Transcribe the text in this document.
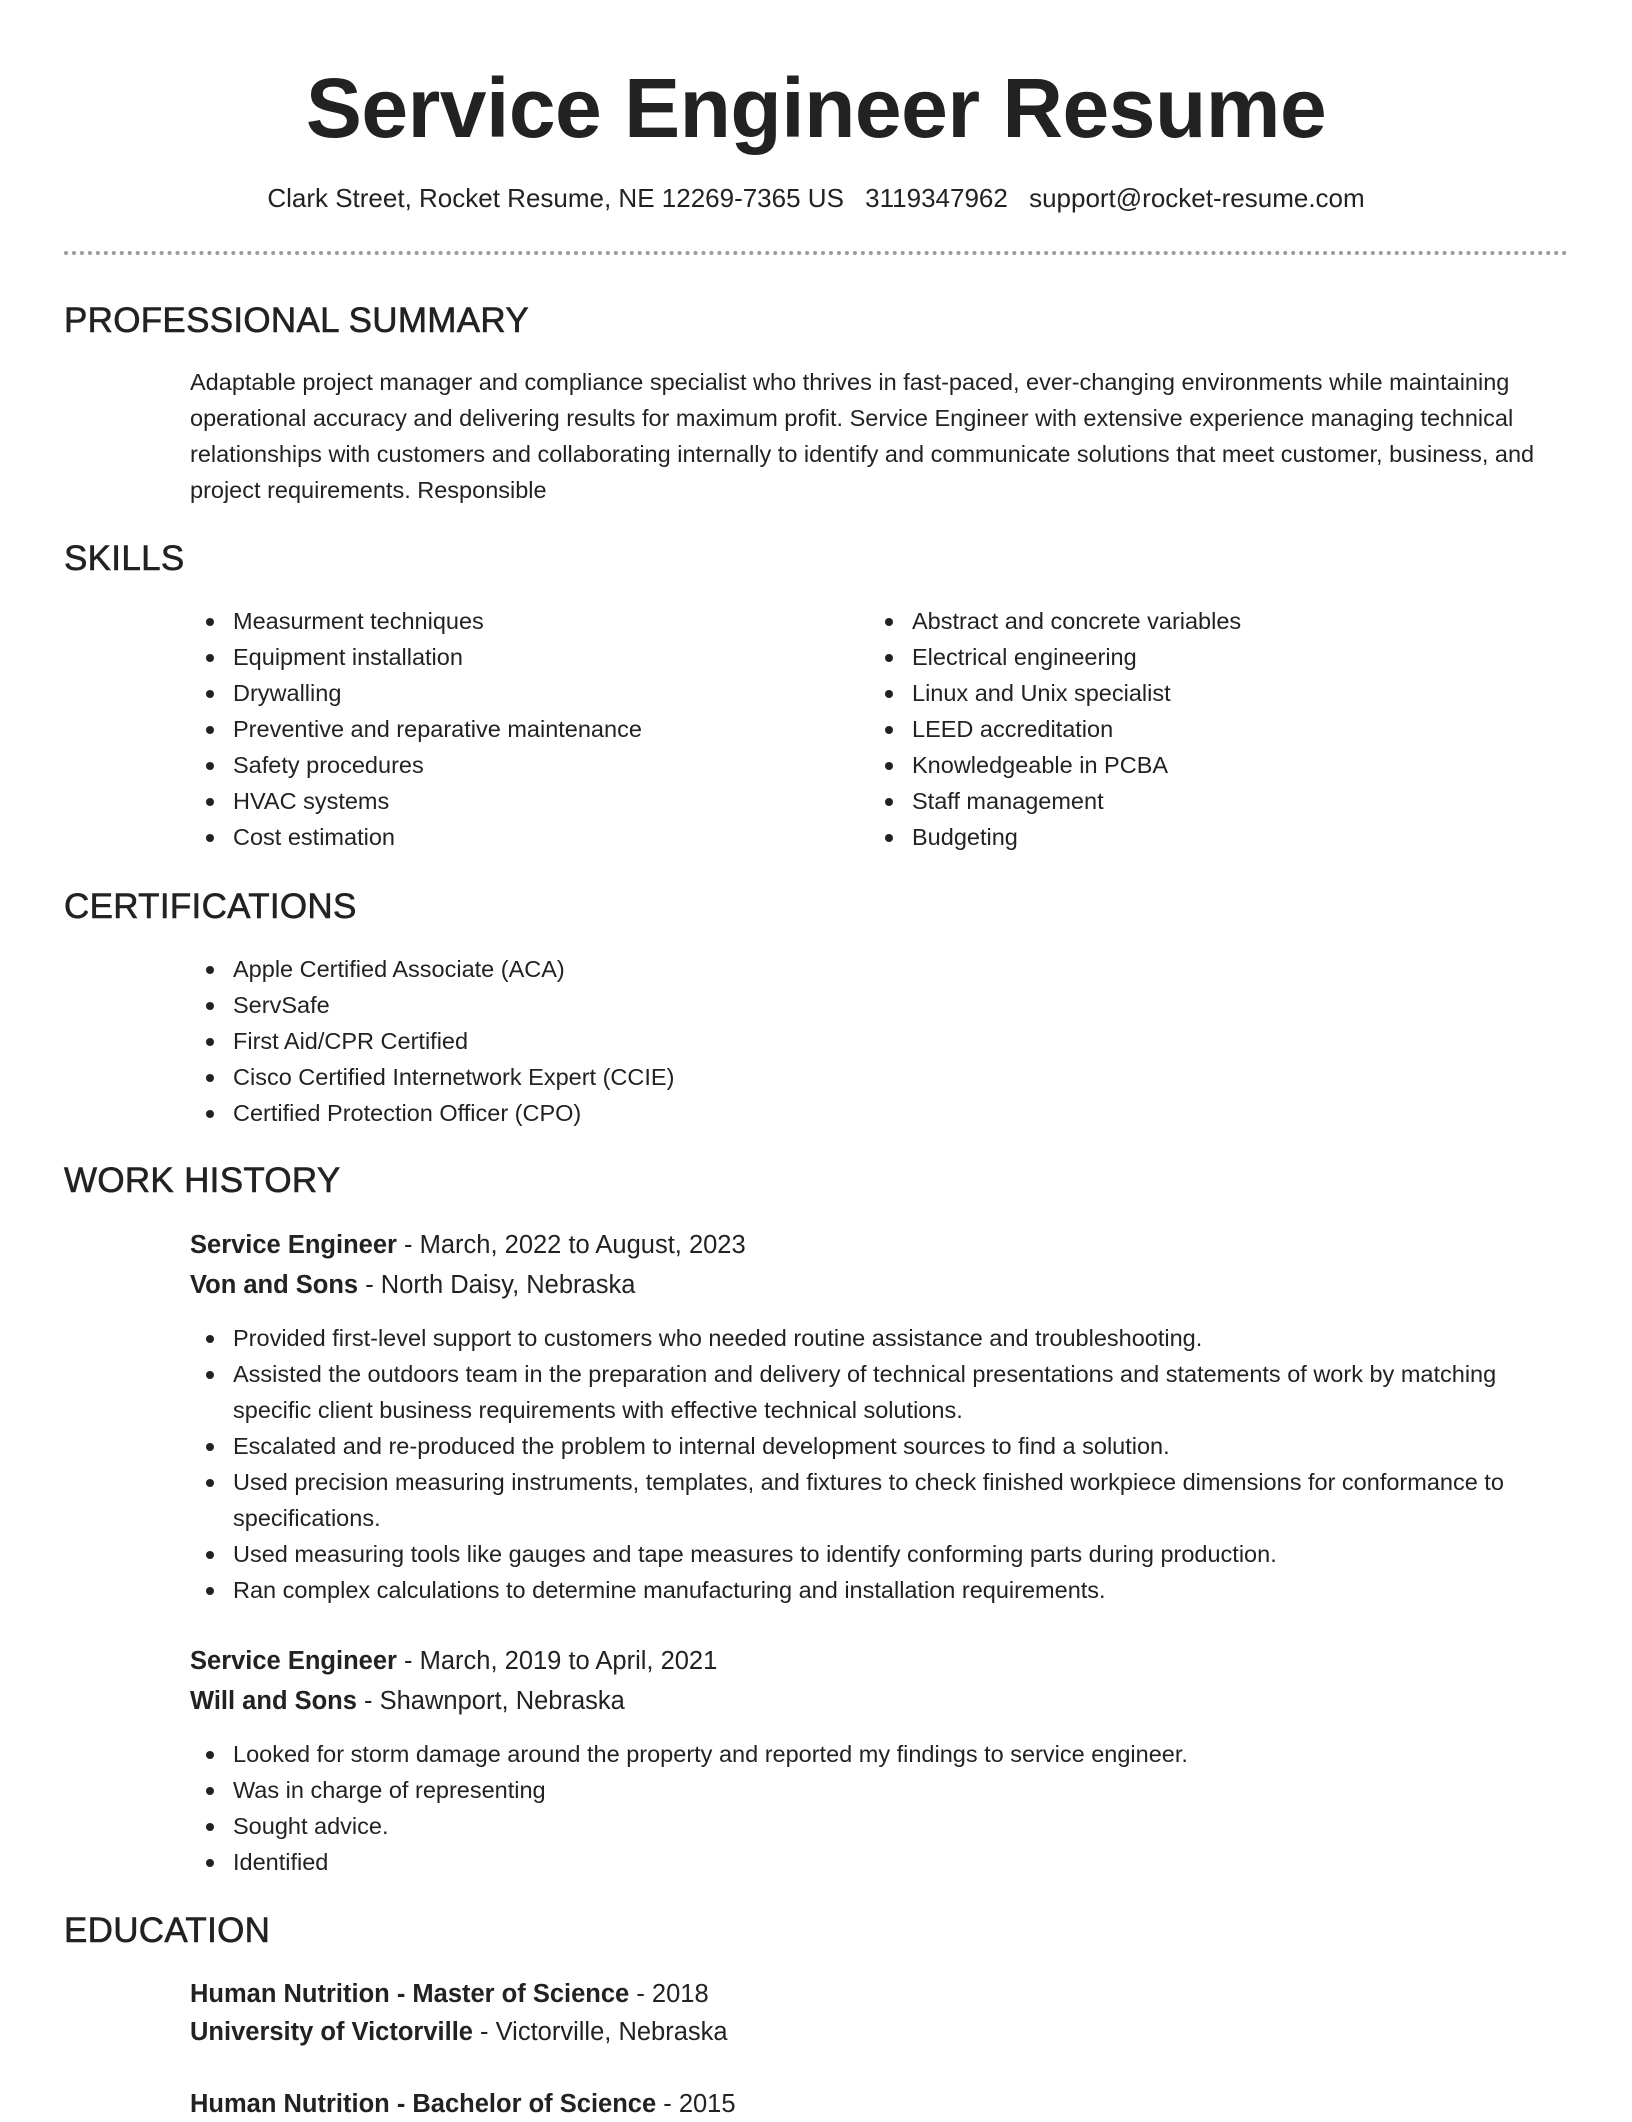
Service Engineer Resume
Clark Street, Rocket Resume, NE 12269-7365 US 3119347962 support@rocket-resume.com
PROFESSIONAL SUMMARY

Adaptable project manager and compliance specialist who thrives in fast-paced, ever-changing environments while maintaining operational accuracy and delivering results for maximum profit. Service Engineer with extensive experience managing technical relationships with customers and collaborating internally to identify and communicate solutions that meet customer, business, and project requirements. Responsible

SKILLS
Measurment techniques
Equipment installation
Drywalling
Preventive and reparative maintenance
Safety procedures
HVAC systems
Cost estimation
Abstract and concrete variables
Electrical engineering
Linux and Unix specialist
LEED accreditation
Knowledgeable in PCBA
Staff management
Budgeting
CERTIFICATIONS
Apple Certified Associate (ACA)
ServSafe
First Aid/CPR Certified
Cisco Certified Internetwork Expert (CCIE)
Certified Protection Officer (CPO)
WORK HISTORY
Service Engineer - March, 2022 to August, 2023
Von and Sons - North Daisy, Nebraska
Provided first-level support to customers who needed routine assistance and troubleshooting.
Assisted the outdoors team in the preparation and delivery of technical presentations and statements of work by matching specific client business requirements with effective technical solutions.
Escalated and re-produced the problem to internal development sources to find a solution.
Used precision measuring instruments, templates, and fixtures to check finished workpiece dimensions for conformance to specifications.
Used measuring tools like gauges and tape measures to identify conforming parts during production.
Ran complex calculations to determine manufacturing and installation requirements.
Service Engineer - March, 2019 to April, 2021
Will and Sons - Shawnport, Nebraska
Looked for storm damage around the property and reported my findings to service engineer.
Was in charge of representing
Sought advice.
Identified
EDUCATION
Human Nutrition - Master of Science - 2018
University of Victorville - Victorville, Nebraska
Human Nutrition - Bachelor of Science - 2015
